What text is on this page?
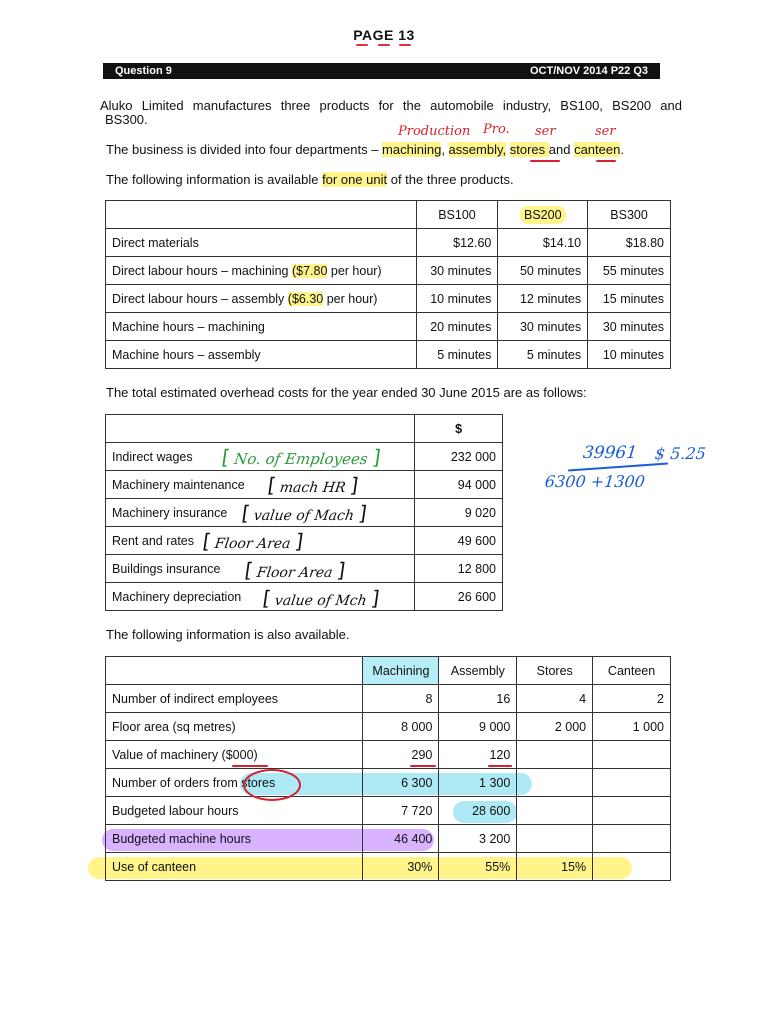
PAGE 13
Question 9	OCT/NOV 2014 P22 Q3
Aluko Limited manufactures three products for the automobile industry, BS100, BS200 and
BS300.
Production Pro. ser	ser
The business is divided into four departments – machining, assembly, stores and canteen.
The following information is available for one unit of the three products.
	BS100	BS200	BS300
Direct materials	$12.60	$14.10	$18.80
Direct labour hours – machining ($7.80 per hour)	30 minutes	50 minutes	55 minutes
Direct labour hours – assembly ($6.30 per hour)	10 minutes	12 minutes	15 minutes
Machine hours – machining	20 minutes	30 minutes	30 minutes
Machine hours – assembly	5 minutes	5 minutes	10 minutes
The total estimated overhead costs for the year ended 30 June 2015 are as follows:
	$
Indirect wages	232 000
Machinery maintenance	94 000
Machinery insurance	9 020
Rent and rates	49 600
Buildings insurance	12 800
Machinery depreciation	26 600
[ No. of Employees ]
[ mach HR ]
[ value of Mach ]
[ Floor Area ]
[ Floor Area ]
[ value of Mch ]
39961 $ 5.25
6300 +1300
The following information is also available.
	Machining	Assembly	Stores	Canteen
Number of indirect employees	8	16	4	2
Floor area (sq metres)	8 000	9 000	2 000	1 000
Value of machinery ($000)	290	120		
Number of orders from stores	6 300	1 300		
Budgeted labour hours	7 720	28 600		
Budgeted machine hours	46 400	3 200		
Use of canteen	30%	55%	15%	
